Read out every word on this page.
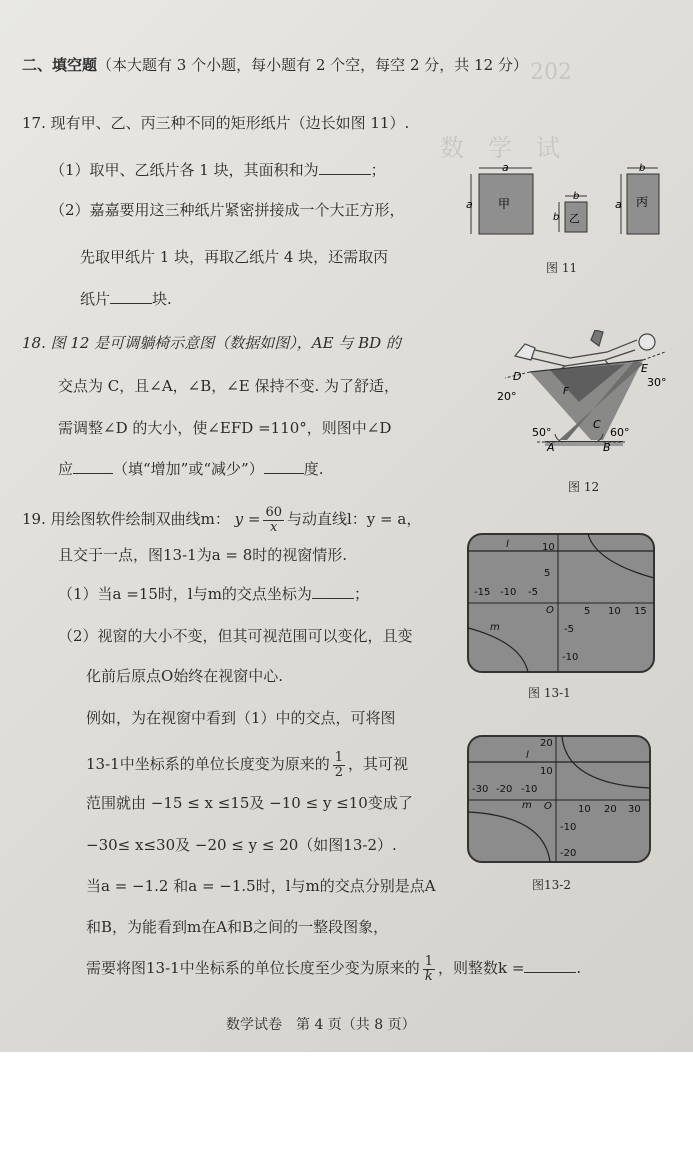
202
数　学　试
二、填空题（本大题有 3 个小题，每小题有 2 个空，每空 2 分，共 12 分）
17. 现有甲、乙、丙三种不同的矩形纸片（边长如图 11）.
（1）取甲、乙纸片各 1 块，其面积和为	；
（2）嘉嘉要用这三种纸片紧密拼接成一个大正方形，
先取甲纸片 1 块，再取乙纸片 4 块，还需取丙
纸片	块.
a
a 甲
b
b 乙
b
a 丙
图 11
18. 图 12 是可调躺椅示意图（数据如图），AE 与 BD 的
交点为 C，且∠A，∠B，∠E 保持不变. 为了舒适，
需调整∠D 的大小，使∠EFD =110°，则图中∠D
应	（填“增加”或“减少”）	度.
D
E
F
C
A	B
20°
30°
50°	60°
图 12
19. 用绘图软件绘制双曲线m： $y = \frac{60}{x}$ 与动直线l：y = a，
且交于一点，图13-1为a = 8时的视窗情形.
（1）当a =15时，l与m的交点坐标为	；
（2）视窗的大小不变，但其可视范围可以变化，且变
化前后原点O始终在视窗中心.
例如，为在视窗中看到（1）中的交点，可将图
13-1中坐标系的单位长度变为原来的 $\frac{1}{2}$ ，其可视
范围就由 −15 ≤ x ≤15及 −10 ≤ y ≤10变成了
−30≤ x≤30及 −20 ≤ y ≤ 20（如图13-2）.
当a = −1.2 和a = −1.5时，l与m的交点分别是点A
和B，为能看到m在A和B之间的一整段图象，
需要将图13-1中坐标系的单位长度至少变为原来的 $\frac{1}{k}$ ，则整数k =	.
-15 -10 -5
5 10 15
10
5
-5
-10
O
l
m
图 13-1
-30 -20 -10
10 20 30
20
10
-10
-20
O
l
m
图13-2
数学试卷　第 4 页（共 8 页）
